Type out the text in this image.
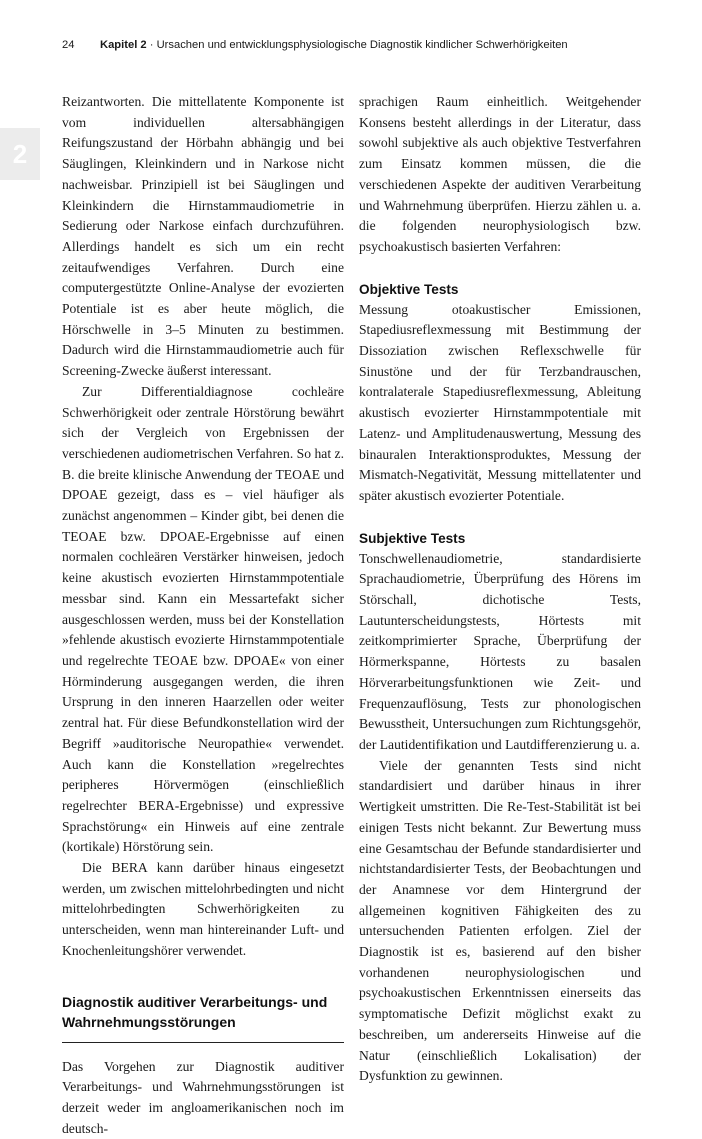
24 Kapitel 2 · Ursachen und entwicklungsphysiologische Diagnostik kindlicher Schwerhörigkeiten
2

Reizantworten. Die mittellatente Komponente ist vom individuellen altersabhängigen Reifungszustand der Hörbahn abhängig und bei Säuglingen, Kleinkindern und in Narkose nicht nachweisbar. Prinzipiell ist bei Säuglingen und Kleinkindern die Hirnstammaudiometrie in Sedierung oder Narkose einfach durchzuführen. Allerdings handelt es sich um ein recht zeitaufwendiges Verfahren. Durch eine computergestützte Online-Analyse der evozierten Potentiale ist es aber heute möglich, die Hörschwelle in 3–5 Minuten zu bestimmen. Dadurch wird die Hirnstammaudiometrie auch für Screening-Zwecke äußerst interessant.

Zur Differentialdiagnose cochleäre Schwerhörigkeit oder zentrale Hörstörung bewährt sich der Vergleich von Ergebnissen der verschiedenen audiometrischen Verfahren. So hat z. B. die breite klinische Anwendung der TEOAE und DPOAE gezeigt, dass es – viel häufiger als zunächst angenommen – Kinder gibt, bei denen die TEOAE bzw. DPOAE-Ergebnisse auf einen normalen cochleären Verstärker hinweisen, jedoch keine akustisch evozierten Hirnstammpotentiale messbar sind. Kann ein Messartefakt sicher ausgeschlossen werden, muss bei der Konstellation »fehlende akustisch evozierte Hirnstammpotentiale und regelrechte TEOAE bzw. DPOAE« von einer Hörminderung ausgegangen werden, die ihren Ursprung in den inneren Haarzellen oder weiter zentral hat. Für diese Befundkonstellation wird der Begriff »auditorische Neuropathie« verwendet. Auch kann die Konstellation »regelrechtes peripheres Hörvermögen (einschließlich regelrechter BERA-Ergebnisse) und expressive Sprachstörung« ein Hinweis auf eine zentrale (kortikale) Hörstörung sein.

Die BERA kann darüber hinaus eingesetzt werden, um zwischen mittelohrbedingten und nicht mittelohrbedingten Schwerhörigkeiten zu unterscheiden, wenn man hintereinander Luft- und Knochenleitungshörer verwendet.

Diagnostik auditiver Verarbeitungs- und Wahrnehmungsstörungen

Das Vorgehen zur Diagnostik auditiver Verarbeitungs- und Wahrnehmungsstörungen ist derzeit weder im angloamerikanischen noch im deutsch-

sprachigen Raum einheitlich. Weitgehender Konsens besteht allerdings in der Literatur, dass sowohl subjektive als auch objektive Testverfahren zum Einsatz kommen müssen, die die verschiedenen Aspekte der auditiven Verarbeitung und Wahrnehmung überprüfen. Hierzu zählen u. a. die folgenden neurophysiologisch bzw. psychoakustisch basierten Verfahren:

Objektive Tests

Messung otoakustischer Emissionen, Stapediusreflexmessung mit Bestimmung der Dissoziation zwischen Reflexschwelle für Sinustöne und der für Terzbandrauschen, kontralaterale Stapediusreflexmessung, Ableitung akustisch evozierter Hirnstammpotentiale mit Latenz- und Amplitudenauswertung, Messung des binauralen Interaktionsproduktes, Messung der Mismatch-Negativität, Messung mittellatenter und später akustisch evozierter Potentiale.

Subjektive Tests

Tonschwellenaudiometrie, standardisierte Sprachaudiometrie, Überprüfung des Hörens im Störschall, dichotische Tests, Lautunterscheidungstests, Hörtests mit zeitkomprimierter Sprache, Überprüfung der Hörmerkspanne, Hörtests zu basalen Hörverarbeitungsfunktionen wie Zeit- und Frequenzauflösung, Tests zur phonologischen Bewusstheit, Untersuchungen zum Richtungsgehör, der Lautidentifikation und Lautdifferenzierung u. a.

Viele der genannten Tests sind nicht standardisiert und darüber hinaus in ihrer Wertigkeit umstritten. Die Re-Test-Stabilität ist bei einigen Tests nicht bekannt. Zur Bewertung muss eine Gesamtschau der Befunde standardisierter und nichtstandardisierter Tests, der Beobachtungen und der Anamnese vor dem Hintergrund der allgemeinen kognitiven Fähigkeiten des zu untersuchenden Patienten erfolgen. Ziel der Diagnostik ist es, basierend auf den bisher vorhandenen neurophysiologischen und psychoakustischen Erkenntnissen einerseits das symptomatische Defizit möglichst exakt zu beschreiben, um andererseits Hinweise auf die Natur (einschließlich Lokalisation) der Dysfunktion zu gewinnen.
